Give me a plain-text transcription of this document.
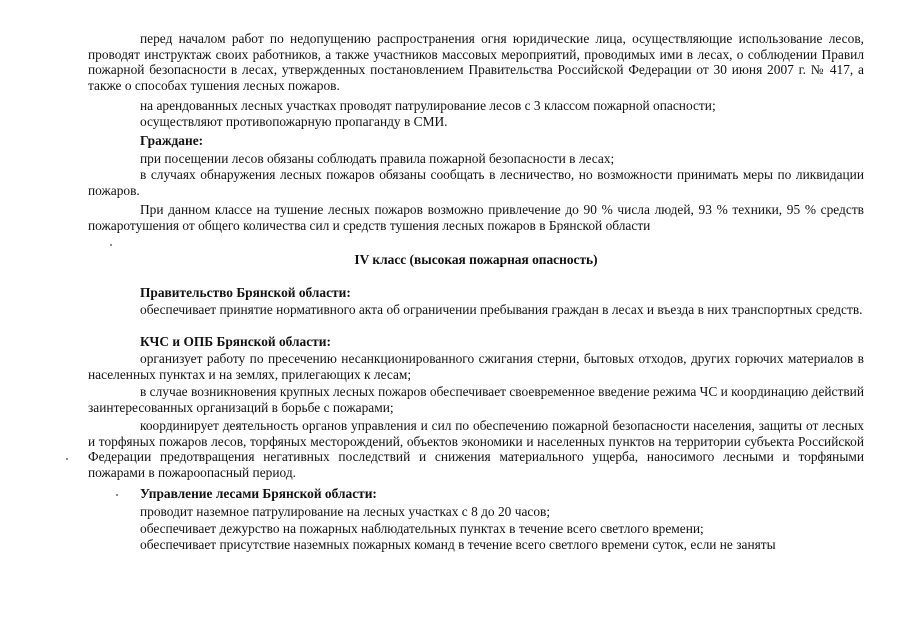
перед началом работ по недопущению распространения огня юридические лица, осуществляющие использование лесов, проводят инструктаж своих работников, а также участников массовых мероприятий, проводимых ими в лесах, о соблюдении Правил пожарной безопасности в лесах, утвержденных постановлением Правительства Российской Федерации от 30 июня 2007 г. № 417, а также о способах тушения лесных пожаров.
на арендованных лесных участках проводят патрулирование лесов с 3 классом пожарной опасности;
осуществляют противопожарную пропаганду в СМИ.
Граждане:
при посещении лесов обязаны соблюдать правила пожарной безопасности в лесах;
в случаях обнаружения лесных пожаров обязаны сообщать в лесничество, но возможности принимать меры по ликвидации пожаров.
При данном классе на тушение лесных пожаров возможно привлечение до 90 % числа людей, 93 % техники, 95 % средств пожаротушения от общего количества сил и средств тушения лесных пожаров в Брянской области
IV класс (высокая пожарная опасность)
Правительство Брянской области:
обеспечивает принятие нормативного акта об ограничении пребывания граждан в лесах и въезда в них транспортных средств.
КЧС и ОПБ Брянской области:
организует работу по пресечению несанкционированного сжигания стерни, бытовых отходов, других горючих материалов в населенных пунктах и на землях, прилегающих к лесам;
в случае возникновения крупных лесных пожаров обеспечивает своевременное введение режима ЧС и координацию действий заинтересованных организаций в борьбе с пожарами;
координирует деятельность органов управления и сил по обеспечению пожарной безопасности населения, защиты от лесных и торфяных пожаров лесов, торфяных месторождений, объектов экономики и населенных пунктов на территории субъекта Российской Федерации предотвращения негативных последствий и снижения материального ущерба, наносимого лесными и торфяными пожарами в пожароопасный период.
Управление лесами Брянской области:
проводит наземное патрулирование на лесных участках с 8 до 20 часов;
обеспечивает дежурство на пожарных наблюдательных пунктах в течение всего светлого времени;
обеспечивает присутствие наземных пожарных команд в течение всего светлого времени суток, если не заняты
